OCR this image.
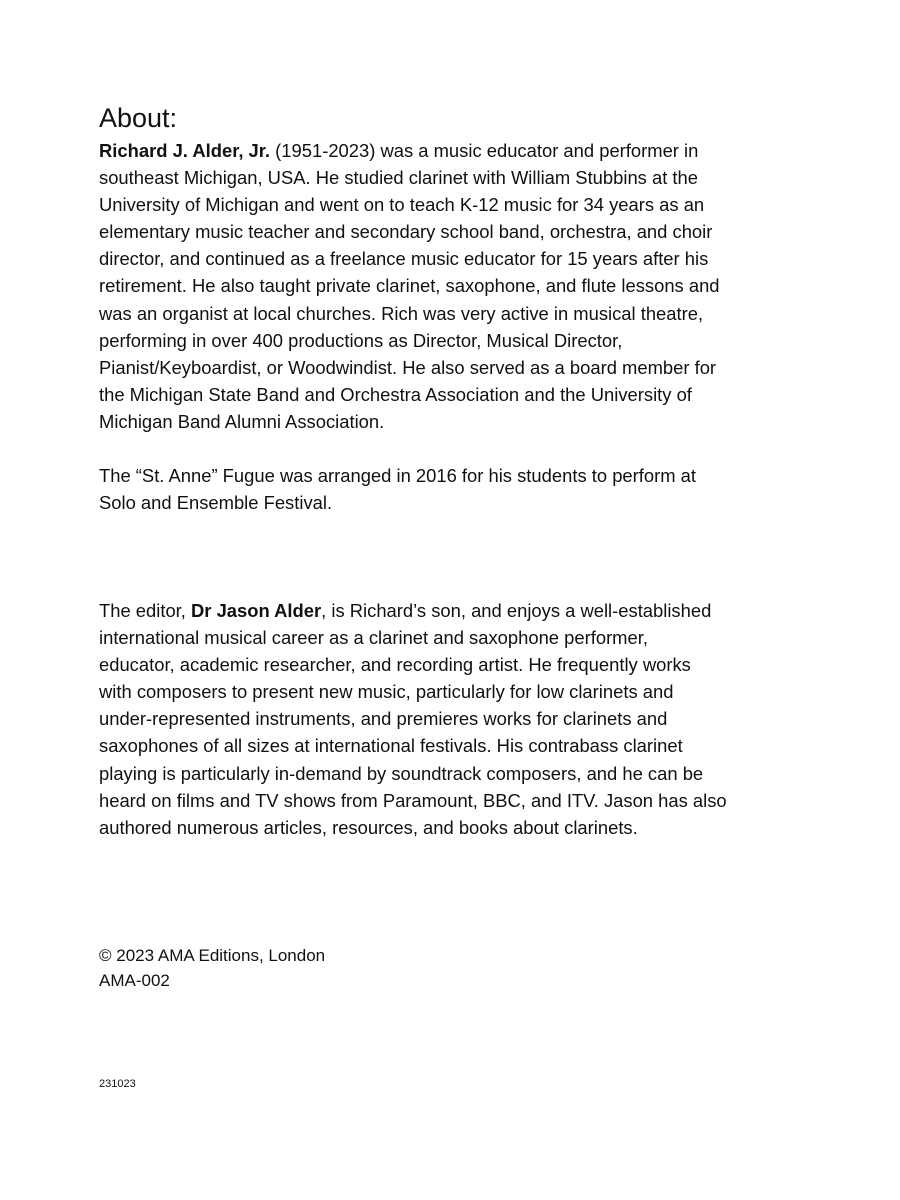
About:
Richard J. Alder, Jr. (1951-2023) was a music educator and performer in
southeast Michigan, USA. He studied clarinet with William Stubbins at the
University of Michigan and went on to teach K-12 music for 34 years as an
elementary music teacher and secondary school band, orchestra, and choir
director, and continued as a freelance music educator for 15 years after his
retirement. He also taught private clarinet, saxophone, and flute lessons and
was an organist at local churches. Rich was very active in musical theatre,
performing in over 400 productions as Director, Musical Director,
Pianist/Keyboardist, or Woodwindist. He also served as a board member for
the Michigan State Band and Orchestra Association and the University of
Michigan Band Alumni Association.
The “St. Anne” Fugue was arranged in 2016 for his students to perform at
Solo and Ensemble Festival.
The editor, Dr Jason Alder, is Richard’s son, and enjoys a well-established
international musical career as a clarinet and saxophone performer,
educator, academic researcher, and recording artist. He frequently works
with composers to present new music, particularly for low clarinets and
under-represented instruments, and premieres works for clarinets and
saxophones of all sizes at international festivals. His contrabass clarinet
playing is particularly in-demand by soundtrack composers, and he can be
heard on films and TV shows from Paramount, BBC, and ITV. Jason has also
authored numerous articles, resources, and books about clarinets.
© 2023 AMA Editions, London
AMA-002
231023
